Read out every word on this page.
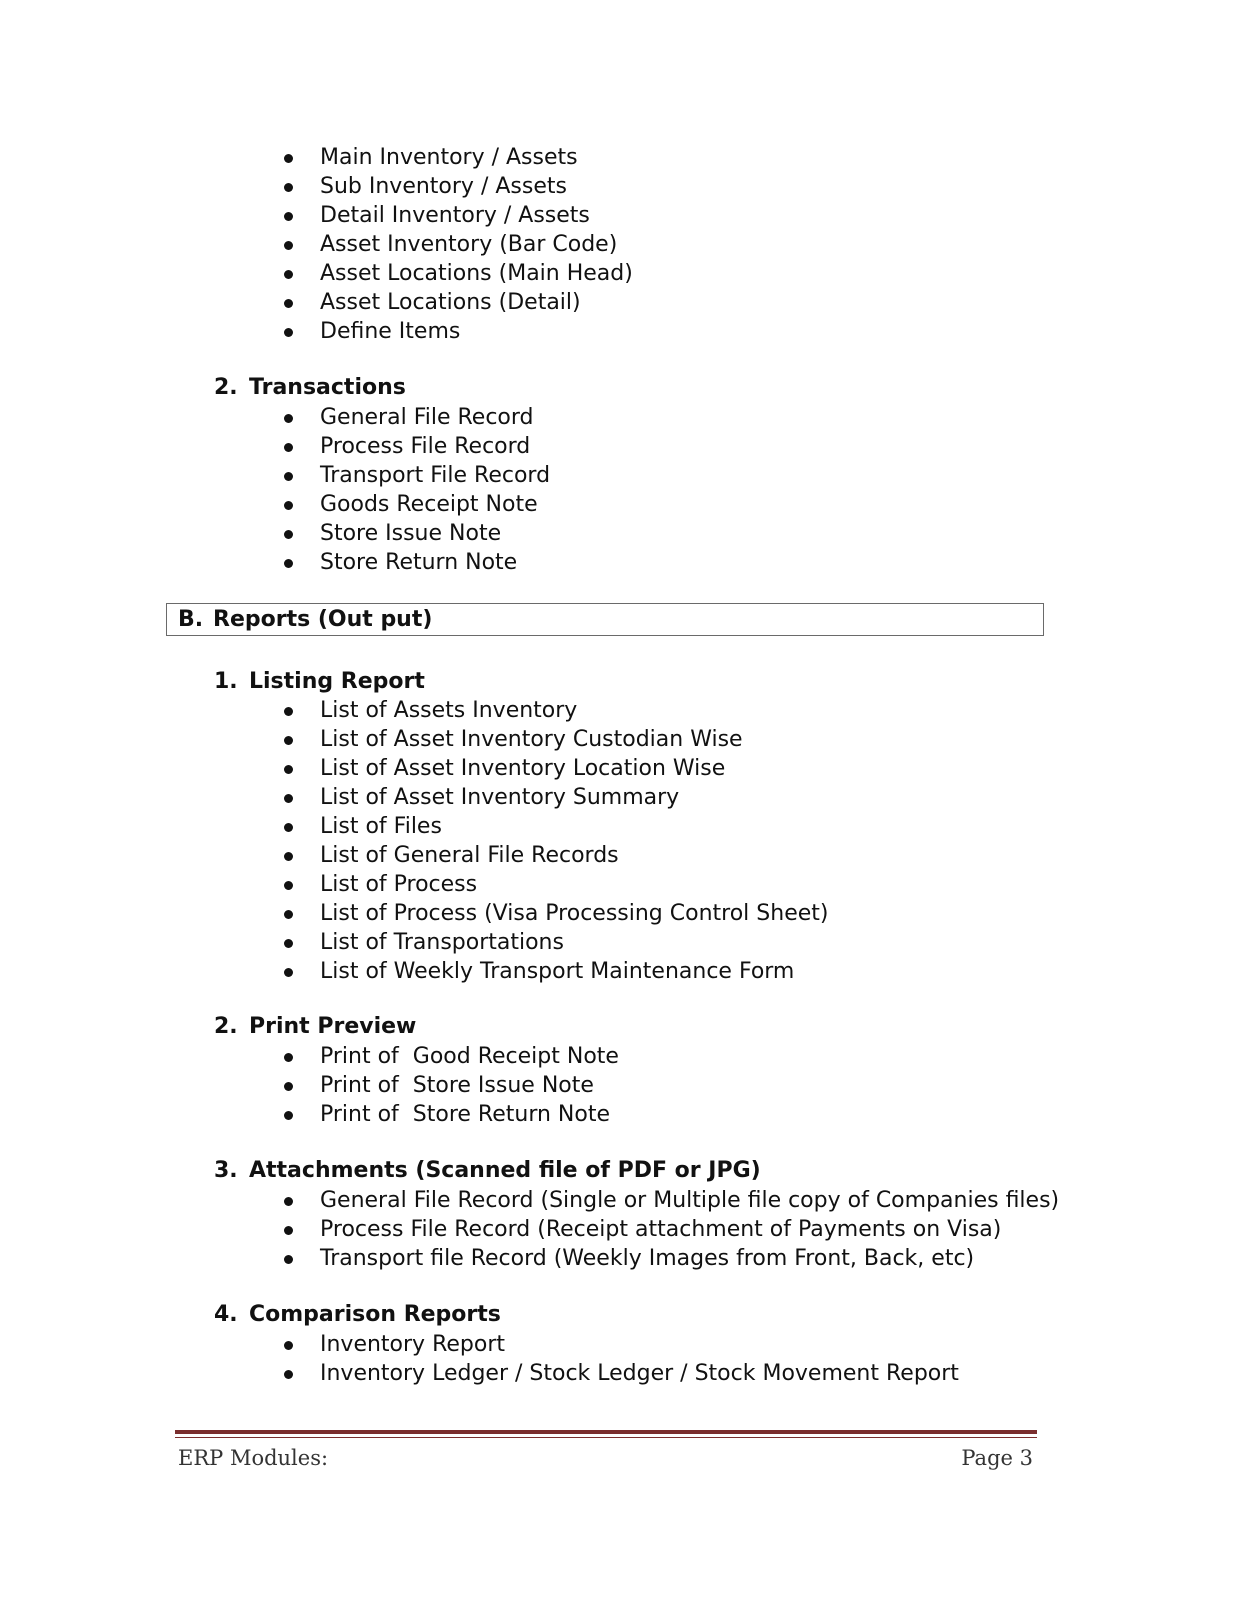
Main Inventory / Assets
Sub Inventory / Assets
Detail Inventory / Assets
Asset Inventory (Bar Code)
Asset Locations (Main Head)
Asset Locations (Detail)
Define Items

2.

Transactions

General File Record
Process File Record
Transport File Record
Goods Receipt Note
Store Issue Note
Store Return Note
B. Reports (Out put)

1.

Listing Report

List of Assets Inventory
List of Asset Inventory Custodian Wise
List of Asset Inventory Location Wise
List of Asset Inventory Summary
List of Files
List of General File Records
List of Process
List of Process (Visa Processing Control Sheet)
List of Transportations
List of Weekly Transport Maintenance Form

2.

Print Preview

Print of  Good Receipt Note
Print of  Store Issue Note
Print of  Store Return Note

3.

Attachments (Scanned file of PDF or JPG)

General File Record (Single or Multiple file copy of Companies files)
Process File Record (Receipt attachment of Payments on Visa)
Transport file Record (Weekly Images from Front, Back, etc)

4.

Comparison Reports

Inventory Report
Inventory Ledger / Stock Ledger / Stock Movement Report
ERP Modules:	Page 3
